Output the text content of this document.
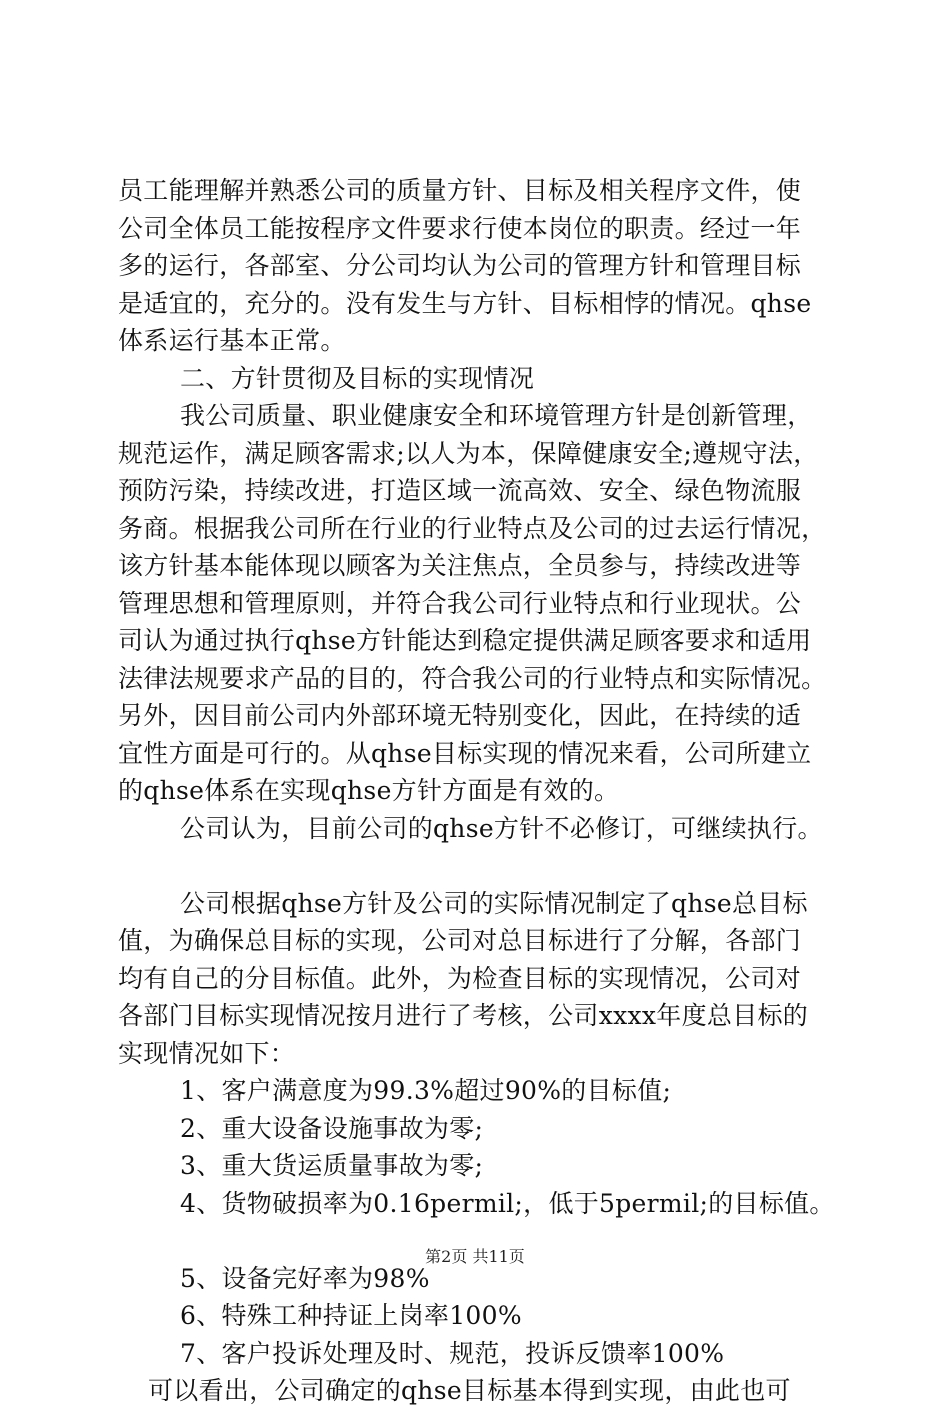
员工能理解并熟悉公司的质量方针、目标及相关程序文件，使
公司全体员工能按程序文件要求行使本岗位的职责。经过一年
多的运行，各部室、分公司均认为公司的管理方针和管理目标
是适宜的，充分的。没有发生与方针、目标相悖的情况。qhse
体系运行基本正常。
二、方针贯彻及目标的实现情况
我公司质量、职业健康安全和环境管理方针是创新管理，
规范运作，满足顾客需求;以人为本，保障健康安全;遵规守法，
预防污染，持续改进，打造区域一流高效、安全、绿色物流服
务商。根据我公司所在行业的行业特点及公司的过去运行情况，
该方针基本能体现以顾客为关注焦点，全员参与，持续改进等
管理思想和管理原则，并符合我公司行业特点和行业现状。公
司认为通过执行qhse方针能达到稳定提供满足顾客要求和适用
法律法规要求产品的目的，符合我公司的行业特点和实际情况。
另外，因目前公司内外部环境无特别变化，因此，在持续的适
宜性方面是可行的。从qhse目标实现的情况来看，公司所建立
的qhse体系在实现qhse方针方面是有效的。
公司认为，目前公司的qhse方针不必修订，可继续执行。
公司根据qhse方针及公司的实际情况制定了qhse总目标
值，为确保总目标的实现，公司对总目标进行了分解，各部门
均有自己的分目标值。此外，为检查目标的实现情况，公司对
各部门目标实现情况按月进行了考核，公司xxxx年度总目标的
实现情况如下：
1、客户满意度为99.3%超过90%的目标值;
2、重大设备设施事故为零;
3、重大货运质量事故为零;
4、货物破损率为0.16permil;，低于5permil;的目标值。
5、设备完好率为98%
6、特殊工种持证上岗率100%
7、客户投诉处理及时、规范，投诉反馈率100%
可以看出，公司确定的qhse目标基本得到实现，由此也可
第2页 共11页
